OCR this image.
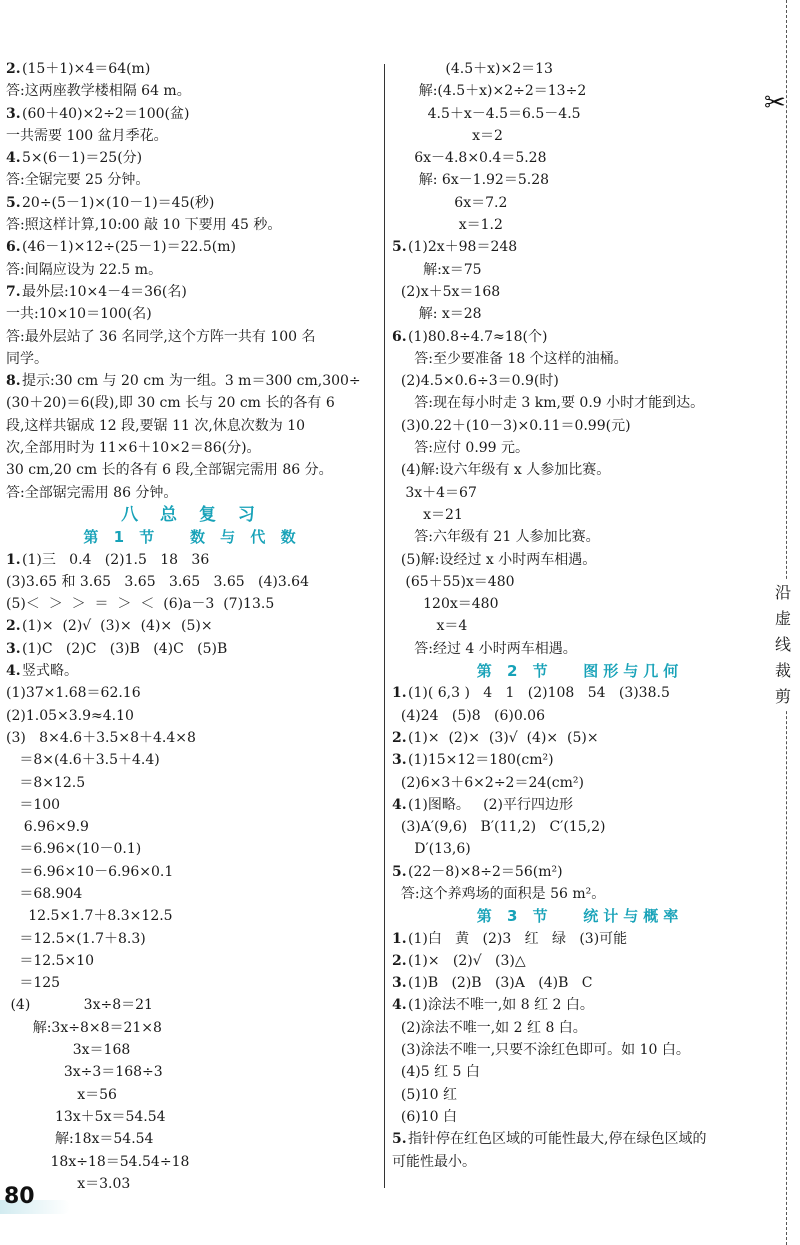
2.(15＋1)×4＝64(m)
答:这两座教学楼相隔 64 m。
3.(60＋40)×2÷2＝100(盆)
一共需要 100 盆月季花。
4.5×(6－1)＝25(分)
答:全锯完要 25 分钟。
5.20÷(5－1)×(10－1)＝45(秒)
答:照这样计算,10:00 敲 10 下要用 45 秒。
6.(46－1)×12÷(25－1)＝22.5(m)
答:间隔应设为 22.5 m。
7.最外层:10×4－4＝36(名)
一共:10×10＝100(名)
答:最外层站了 36 名同学,这个方阵一共有 100 名
同学。
8.提示:30 cm 与 20 cm 为一组。3 m＝300 cm,300÷
(30＋20)＝6(段),即 30 cm 长与 20 cm 长的各有 6
段,这样共锯成 12 段,要锯 11 次,休息次数为 10
次,全部用时为 11×6＋10×2＝86(分)。
30 cm,20 cm 长的各有 6 段,全部锯完需用 86 分。
答:全部锯完需用 86 分钟。
八 总 复 习
第 1 节   数 与 代 数
1.(1)三   0.4   (2)1.5   18   36
(3)3.65 和 3.65   3.65   3.65   3.65   (4)3.64
(5)＜  ＞  ＞  ＝  ＞  ＜  (6)a－3  (7)13.5
2.(1)×  (2)√  (3)×  (4)×  (5)×
3.(1)C   (2)C   (3)B   (4)C   (5)B
4.竖式略。
(1)37×1.68＝62.16
(2)1.05×3.9≈4.10
(3)   8×4.6＋3.5×8＋4.4×8
＝8×(4.6＋3.5＋4.4)
＝8×12.5
＝100
6.96×9.9
＝6.96×(10－0.1)
＝6.96×10－6.96×0.1
＝68.904
12.5×1.7＋8.3×12.5
＝12.5×(1.7＋8.3)
＝12.5×10
＝125
(4)            3x÷8＝21
解:3x÷8×8＝21×8
3x＝168
3x÷3＝168÷3
x＝56
13x＋5x＝54.54
解:18x＝54.54
18x÷18＝54.54÷18
x＝3.03
(4.5＋x)×2＝13
解:(4.5＋x)×2÷2＝13÷2
4.5＋x－4.5＝6.5－4.5
x＝2
6x－4.8×0.4＝5.28
解: 6x－1.92＝5.28
6x＝7.2
x＝1.2
5.(1)2x＋98＝248
解:x＝75
(2)x＋5x＝168
解: x＝28
6.(1)80.8÷4.7≈18(个)
答:至少要准备 18 个这样的油桶。
(2)4.5×0.6÷3＝0.9(时)
答:现在每小时走 3 km,要 0.9 小时才能到达。
(3)0.22＋(10－3)×0.11＝0.99(元)
答:应付 0.99 元。
(4)解:设六年级有 x 人参加比赛。
3x＋4＝67
x＝21
答:六年级有 21 人参加比赛。
(5)解:设经过 x 小时两车相遇。
(65＋55)x＝480
120x＝480
x＝4
答:经过 4 小时两车相遇。
第 2 节   图形与几何
1.(1)( 6,3 )   4   1   (2)108   54   (3)38.5
(4)24   (5)8   (6)0.06
2.(1)×  (2)×  (3)√  (4)×  (5)×
3.(1)15×12＝180(cm²)
(2)6×3＋6×2÷2＝24(cm²)
4.(1)图略。   (2)平行四边形
(3)A′(9,6)   B′(11,2)   C′(15,2)
D′(13,6)
5.(22－8)×8÷2＝56(m²)
答:这个养鸡场的面积是 56 m²。
第 3 节   统计与概率
1.(1)白   黄   (2)3   红   绿   (3)可能
2.(1)×   (2)√   (3)△
3.(1)B   (2)B   (3)A   (4)B   C
4.(1)涂法不唯一,如 8 红 2 白。
(2)涂法不唯一,如 2 红 8 白。
(3)涂法不唯一,只要不涂红色即可。如 10 白。
(4)5 红 5 白
(5)10 红
(6)10 白
5.指针停在红色区域的可能性最大,停在绿色区域的
可能性最小。
✂
沿
虚
线
裁
剪
80
